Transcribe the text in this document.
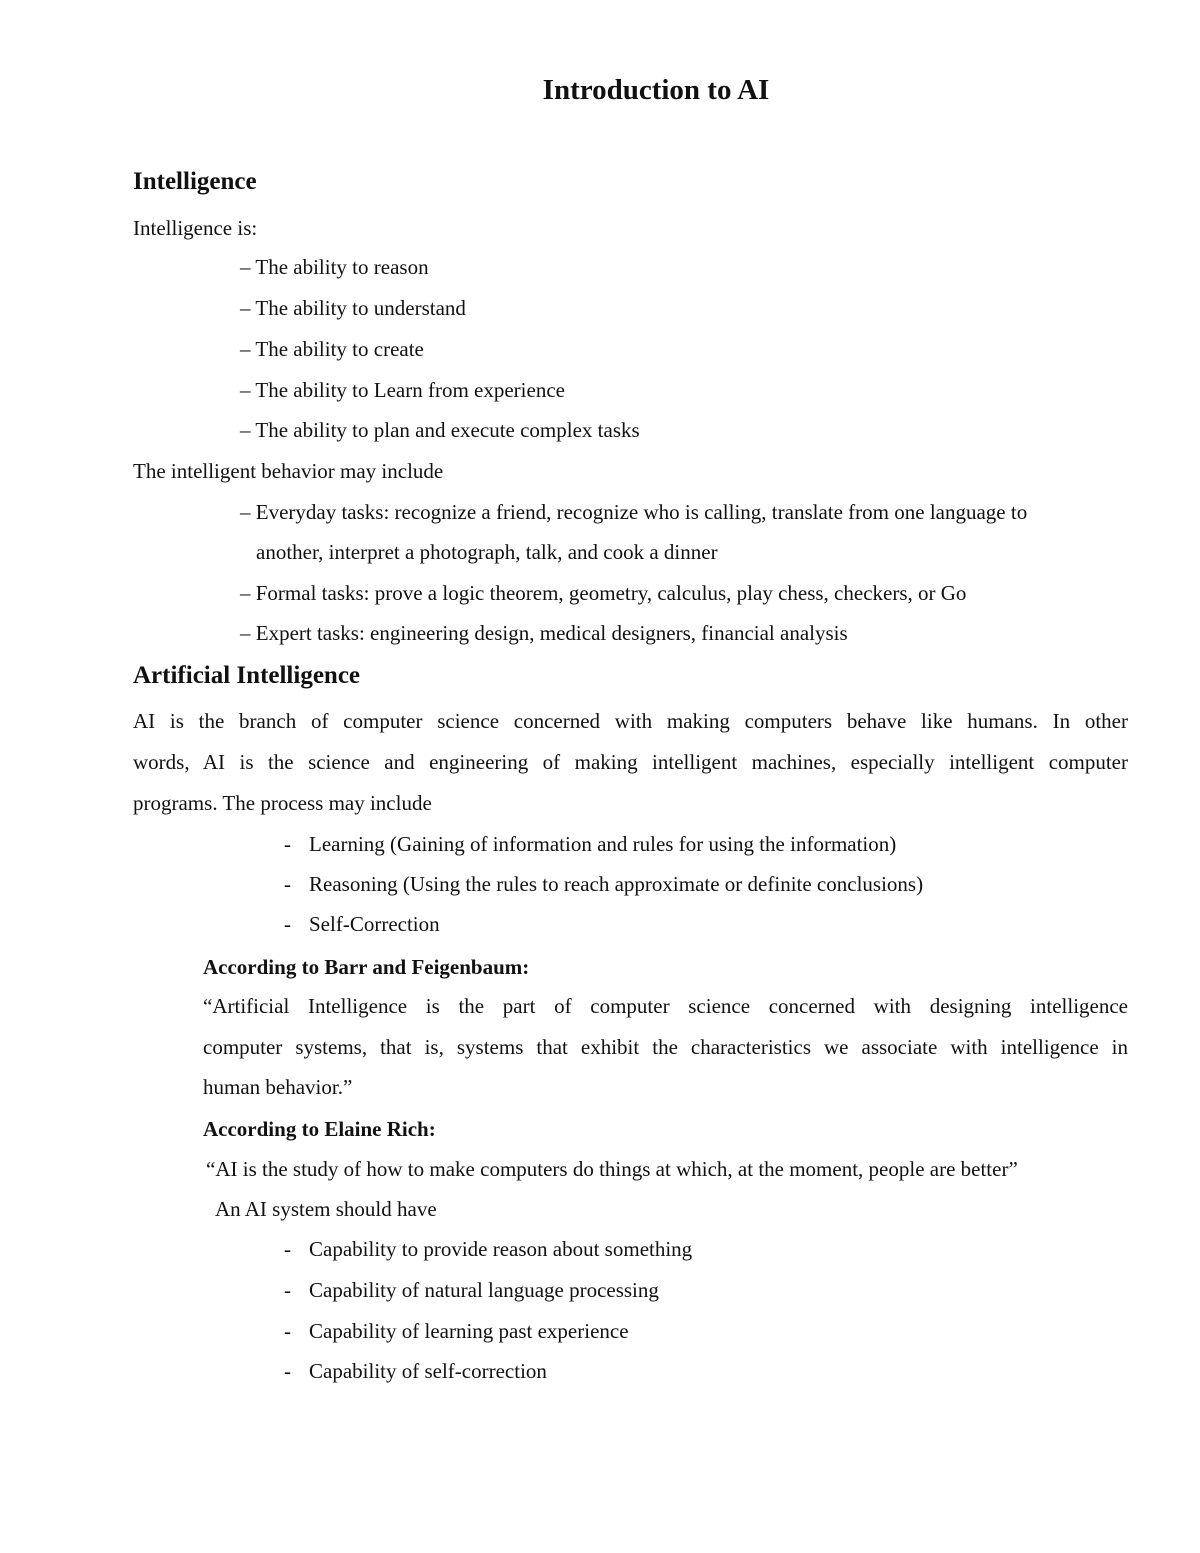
Introduction to AI
Intelligence
Intelligence is:
– The ability to reason
– The ability to understand
– The ability to create
– The ability to Learn from experience
– The ability to plan and execute complex tasks
The intelligent behavior may include
– Everyday tasks: recognize a friend, recognize who is calling, translate from one language to
another, interpret a photograph, talk, and cook a dinner
– Formal tasks: prove a logic theorem, geometry, calculus, play chess, checkers, or Go
– Expert tasks: engineering design, medical designers, financial analysis
Artificial Intelligence
AI is the branch of computer science concerned with making computers behave like humans. In other
words, AI is the science and engineering of making intelligent machines, especially intelligent computer
programs. The process may include
- Learning (Gaining of information and rules for using the information)
- Reasoning (Using the rules to reach approximate or definite conclusions)
- Self-Correction
According to Barr and Feigenbaum:
“Artificial Intelligence is the part of computer science concerned with designing intelligence
computer systems, that is, systems that exhibit the characteristics we associate with intelligence in
human behavior.”
According to Elaine Rich:
“AI is the study of how to make computers do things at which, at the moment, people are better”
An AI system should have
- Capability to provide reason about something
- Capability of natural language processing
- Capability of learning past experience
- Capability of self-correction
